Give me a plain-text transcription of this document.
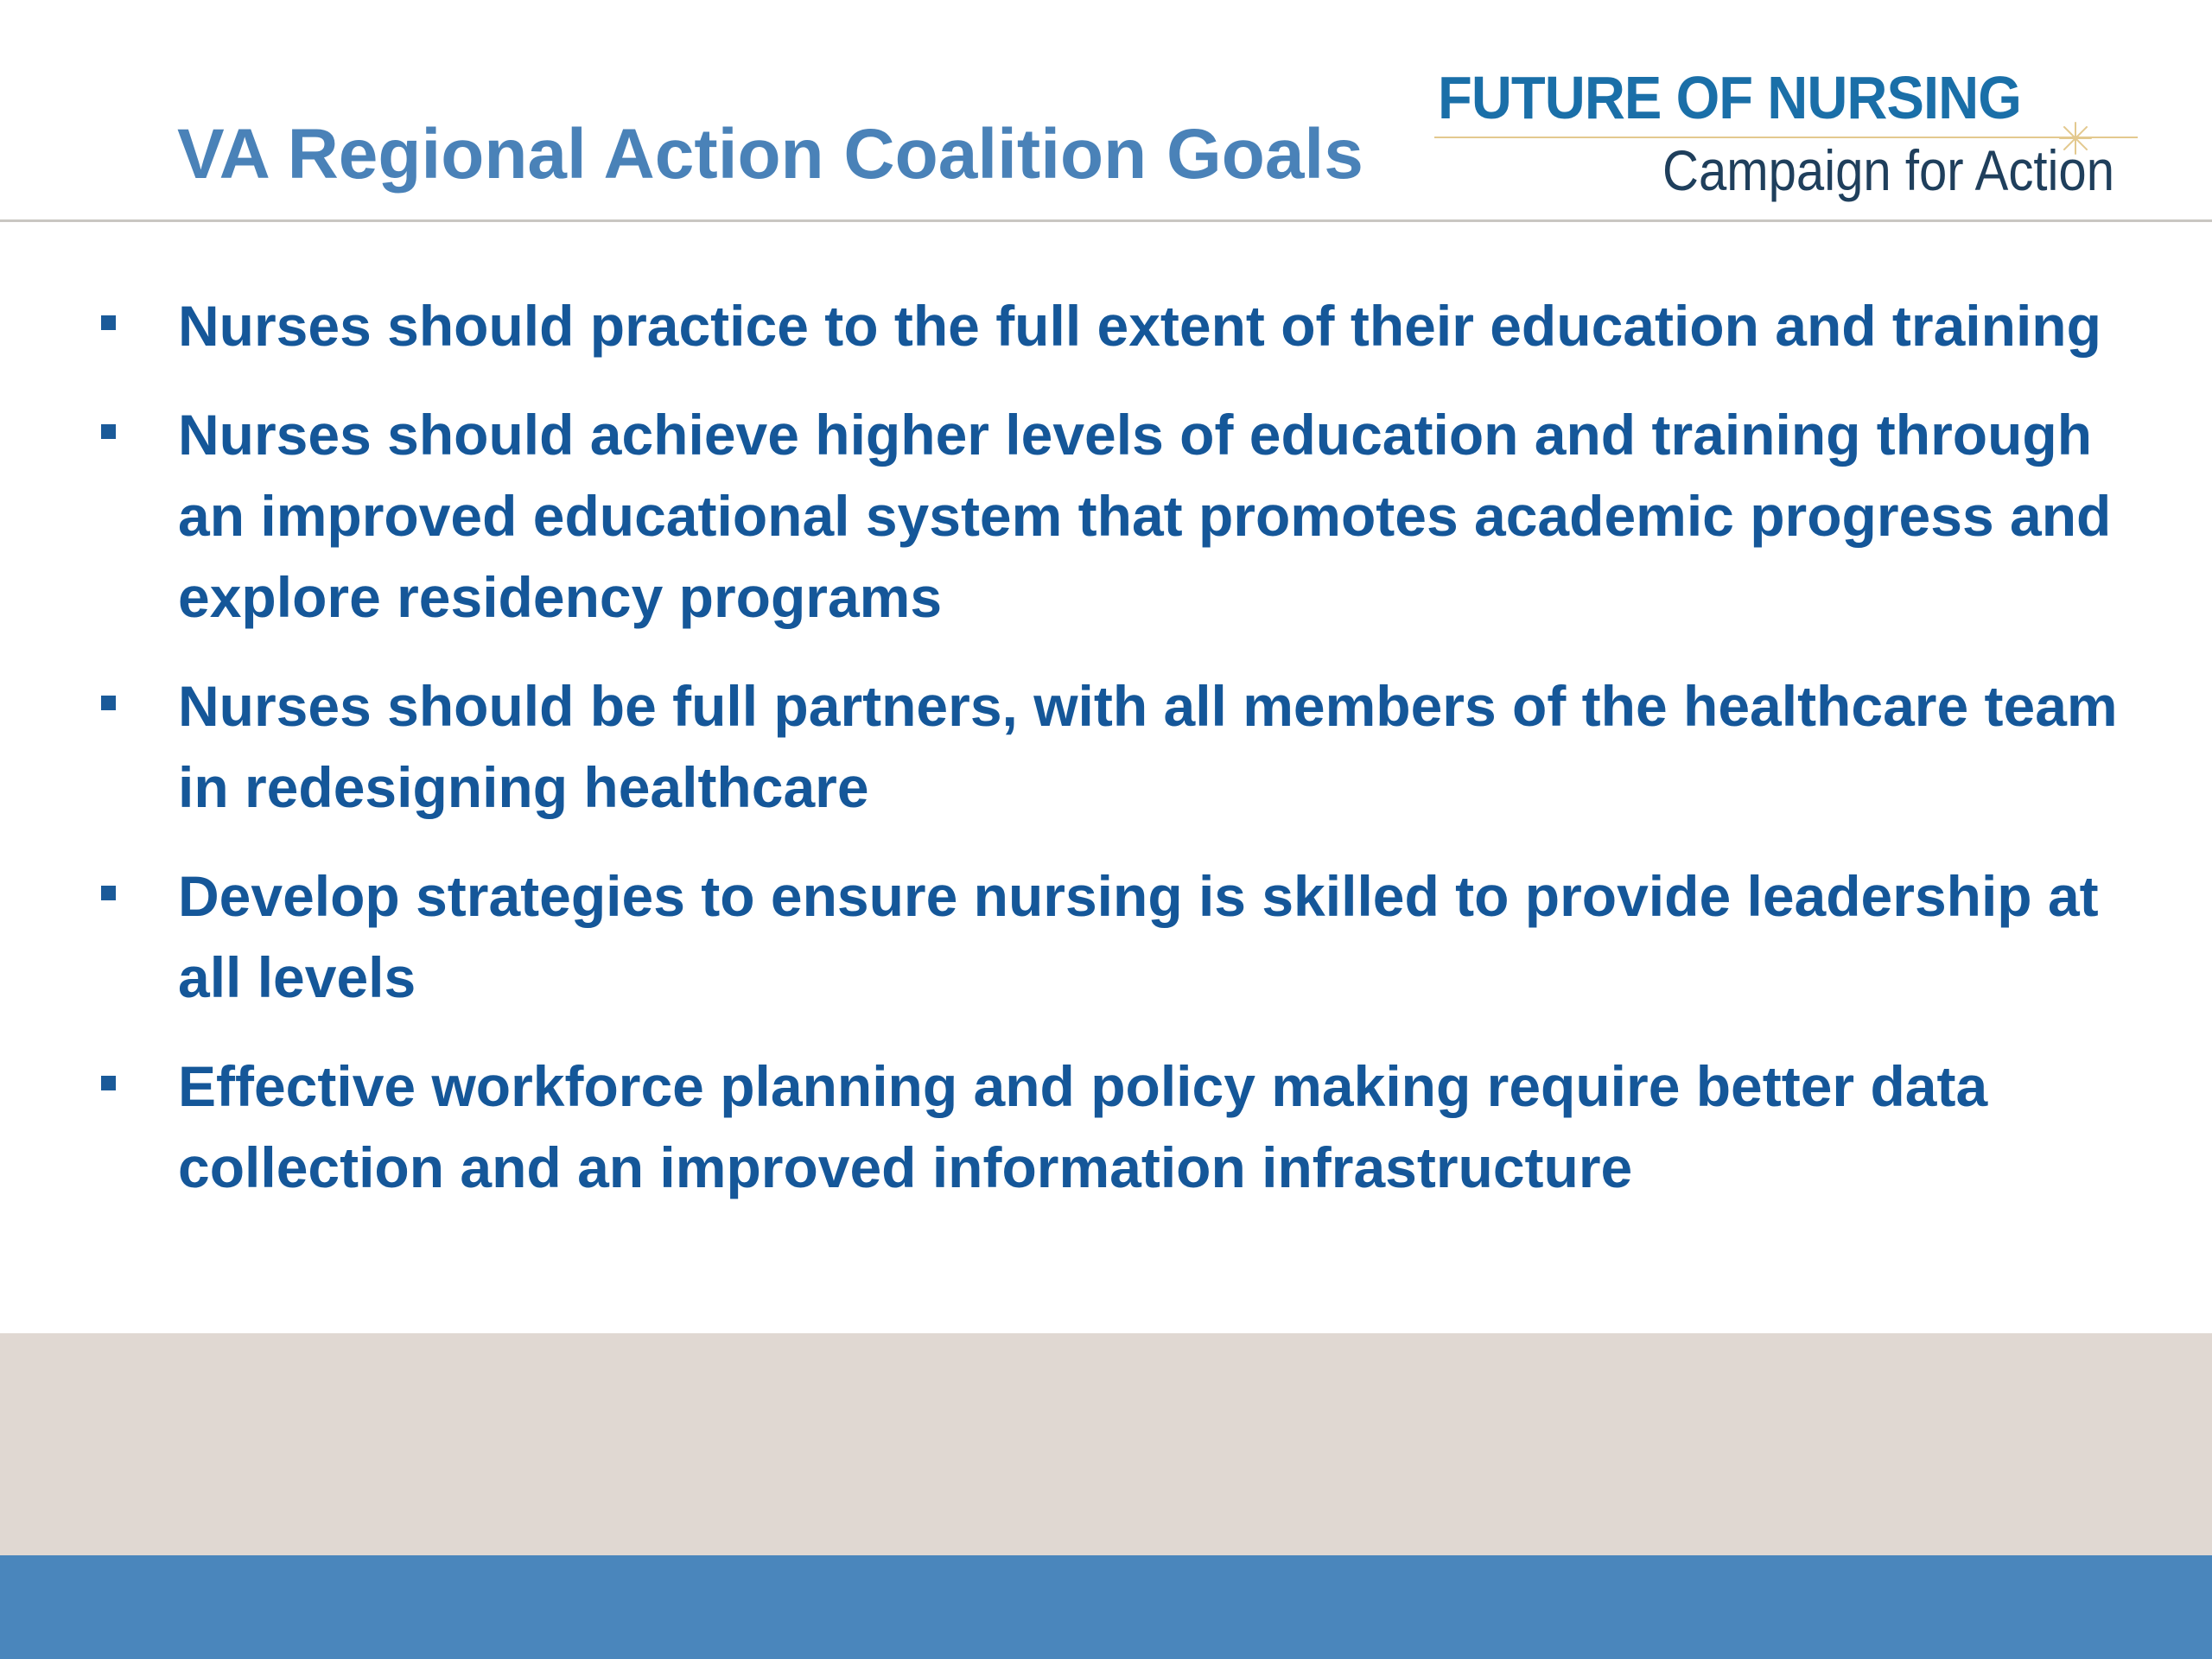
VA Regional Action Coalition Goals
FUTURE OF NURSING
Campaign for Action
Nurses should practice to the full extent of their education and training
Nurses should achieve higher levels of education and training through an improved educational system that promotes academic progress and explore residency programs
Nurses should be full partners, with all members of the healthcare team in redesigning healthcare
Develop strategies to ensure nursing is skilled to provide leadership at all levels
Effective workforce planning and policy making require better data collection and an improved information infrastructure
